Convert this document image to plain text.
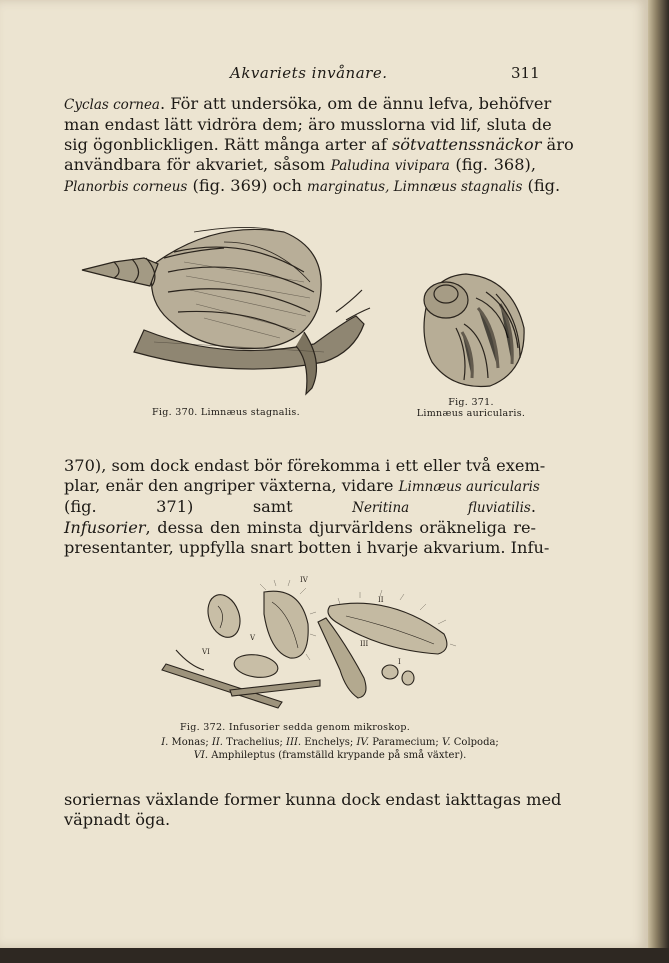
Akvariets invånare.	311
Cyclas cornea. För att undersöka, om de ännu lefva, behöfver
man endast lätt vidröra dem; äro musslorna vid lif, sluta de
sig ögonblickligen. Rätt många arter af sötvattenssnäckor äro
användbara för akvariet, såsom Paludina vivipara (fig. 368),
Planorbis corneus (fig. 369) och marginatus, Limnæus stagnalis (fig.
Fig. 370. Limnæus stagnalis.
Fig. 371.
Limnæus auricularis.
370), som dock endast bör förekomma i ett eller två exem-
plar, enär den angriper växterna, vidare Limnæus auricularis
(fig. 371) samt Neritina fluviatilis.
Infusorier, dessa den minsta djurvärldens oräkneliga re-
presentanter, uppfylla snart botten i hvarje akvarium. Infu-
IV
II
III
V
VI
I
Fig. 372. Infusorier sedda genom mikroskop.
I. Monas; II. Trachelius; III. Enchelys; IV. Paramecium; V. Colpoda;
VI. Amphileptus (framställd krypande på små växter).
soriernas växlande former kunna dock endast iakttagas med
väpnadt öga.
